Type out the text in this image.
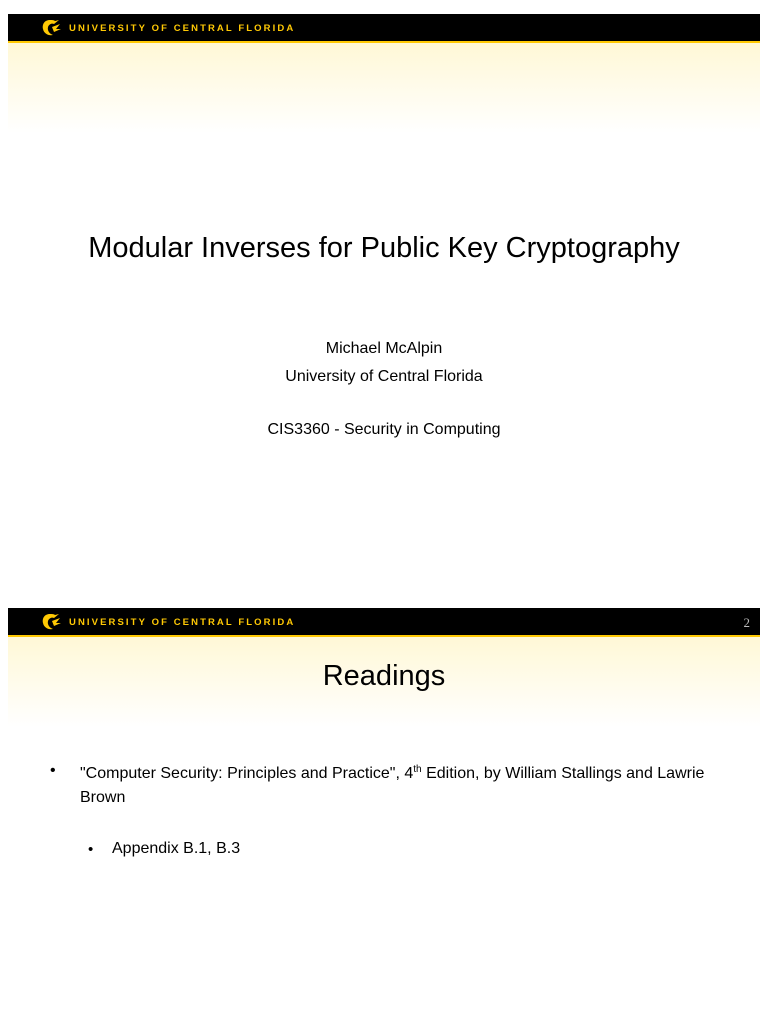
UNIVERSITY OF CENTRAL FLORIDA
Modular Inverses for Public Key Cryptography

Michael McAlpin

University of Central Florida

CIS3360 - Security in Computing

UNIVERSITY OF CENTRAL FLORIDA	2
Readings
• "Computer Security: Principles and Practice", 4th Edition, by William Stallings and Lawrie Brown
• Appendix B.1, B.3
